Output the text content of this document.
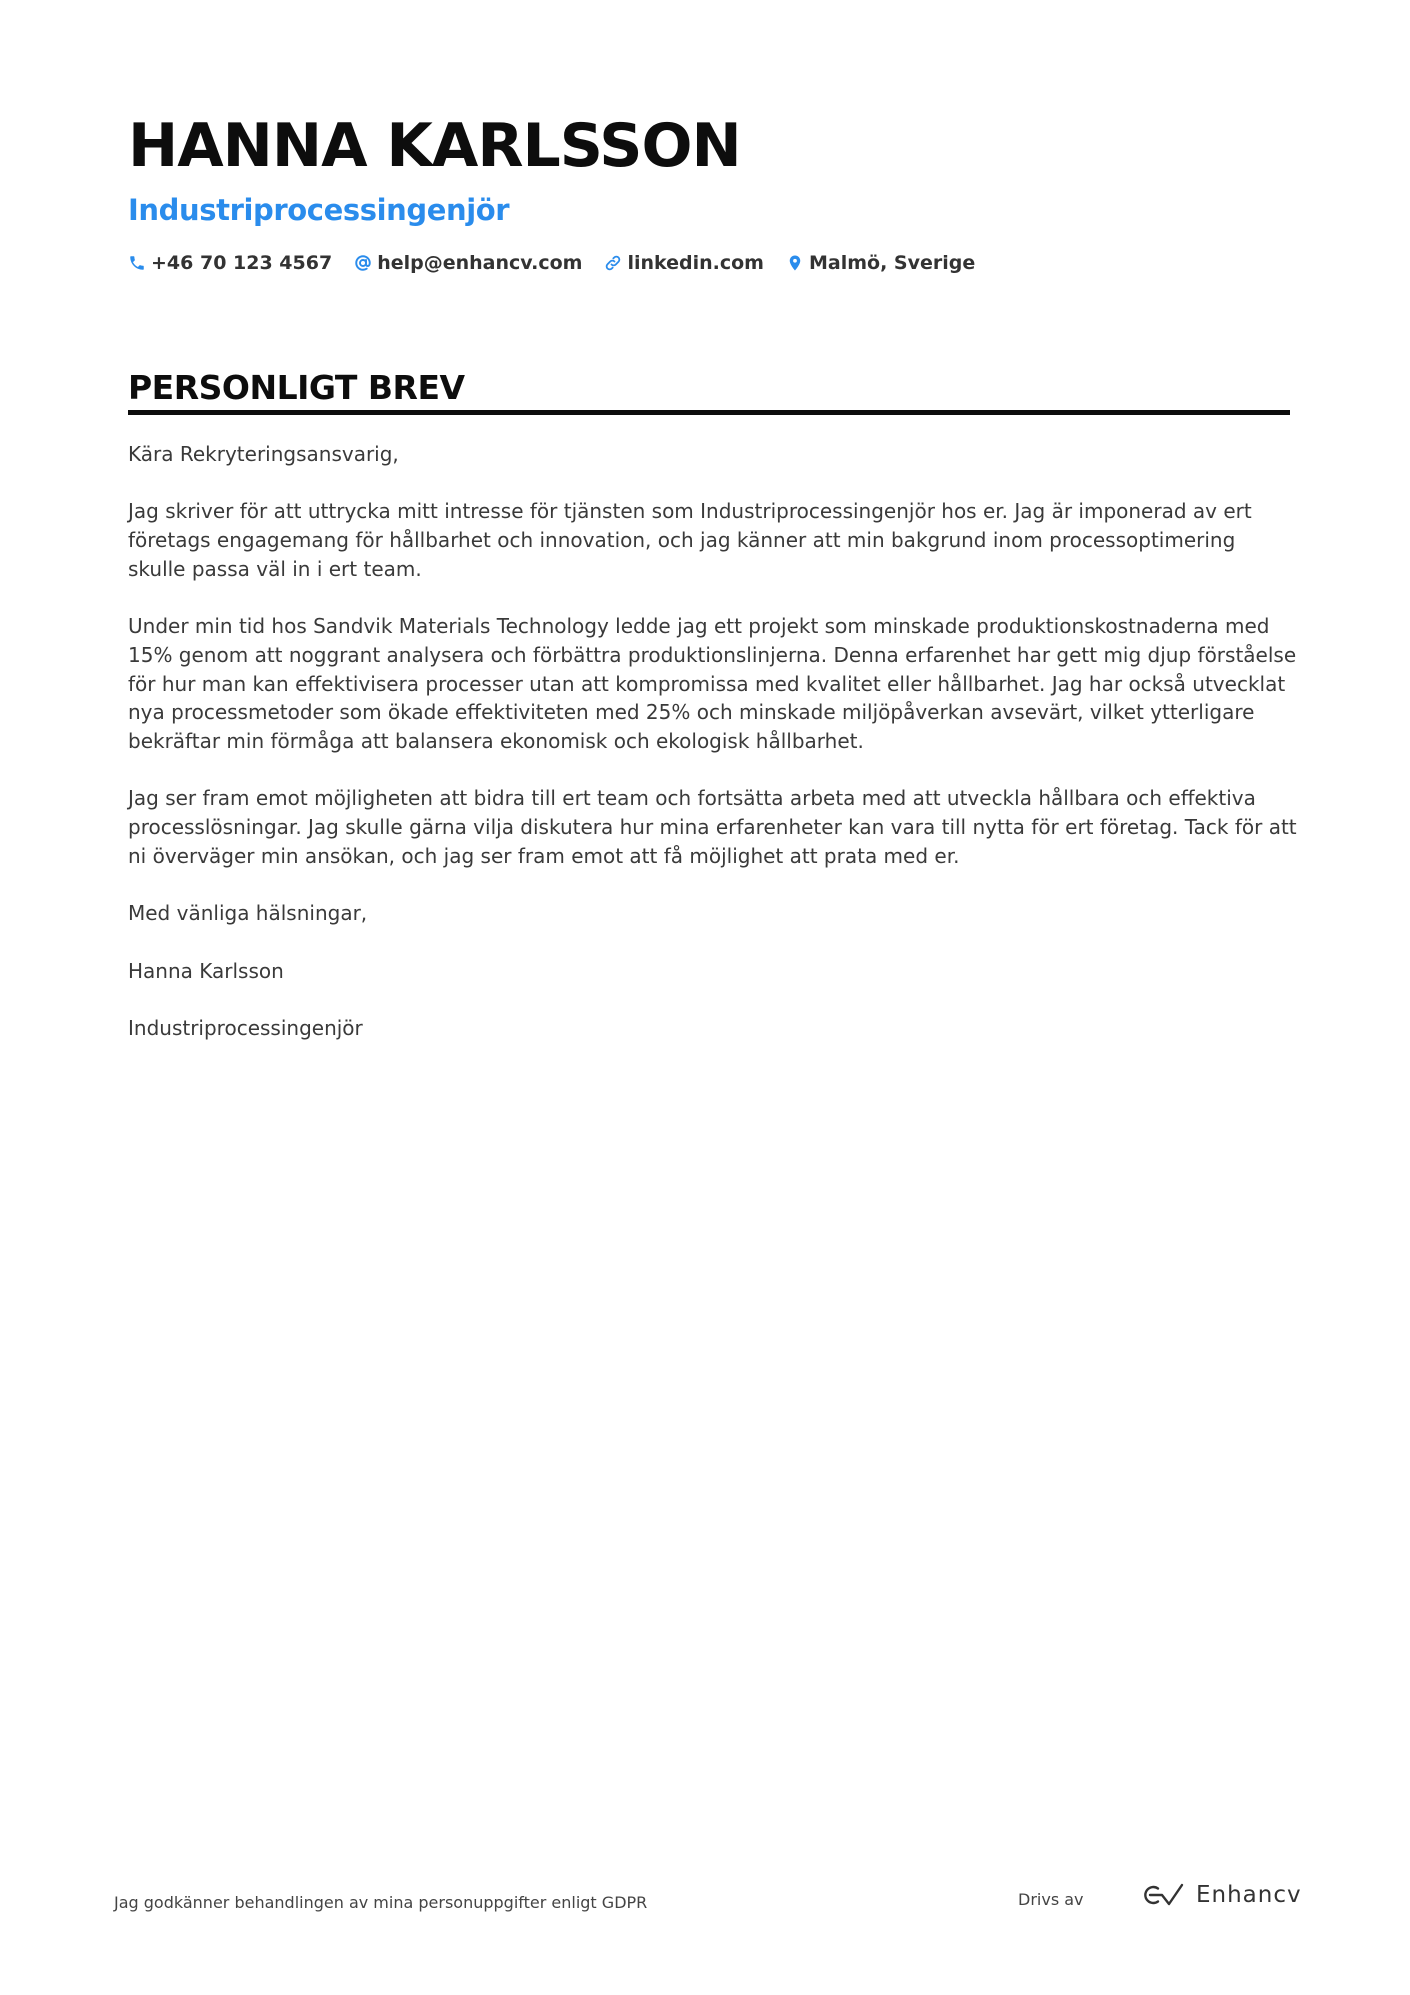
HANNA KARLSSON
Industriprocessingenjör
+46 70 123 4567 help@enhancv.com linkedin.com Malmö, Sverige
PERSONLIGT BREV

Kära Rekryteringsansvarig,

Jag skriver för att uttrycka mitt intresse för tjänsten som Industriprocessingenjör hos er. Jag är imponerad av ert företags engagemang för hållbarhet och innovation, och jag känner att min bakgrund inom processoptimering skulle passa väl in i ert team.

Under min tid hos Sandvik Materials Technology ledde jag ett projekt som minskade produktionskostnaderna med 15% genom att noggrant analysera och förbättra produktionslinjerna. Denna erfarenhet har gett mig djup förståelse för hur man kan effektivisera processer utan att kompromissa med kvalitet eller hållbarhet. Jag har också utvecklat nya processmetoder som ökade effektiviteten med 25% och minskade miljöpåverkan avsevärt, vilket ytterligare bekräftar min förmåga att balansera ekonomisk och ekologisk hållbarhet.

Jag ser fram emot möjligheten att bidra till ert team och fortsätta arbeta med att utveckla hållbara och effektiva processlösningar. Jag skulle gärna vilja diskutera hur mina erfarenheter kan vara till nytta för ert företag. Tack för att ni överväger min ansökan, och jag ser fram emot att få möjlighet att prata med er.

Med vänliga hälsningar,

Hanna Karlsson

Industriprocessingenjör

Jag godkänner behandlingen av mina personuppgifter enligt GDPR	Drivs av	Enhancv
